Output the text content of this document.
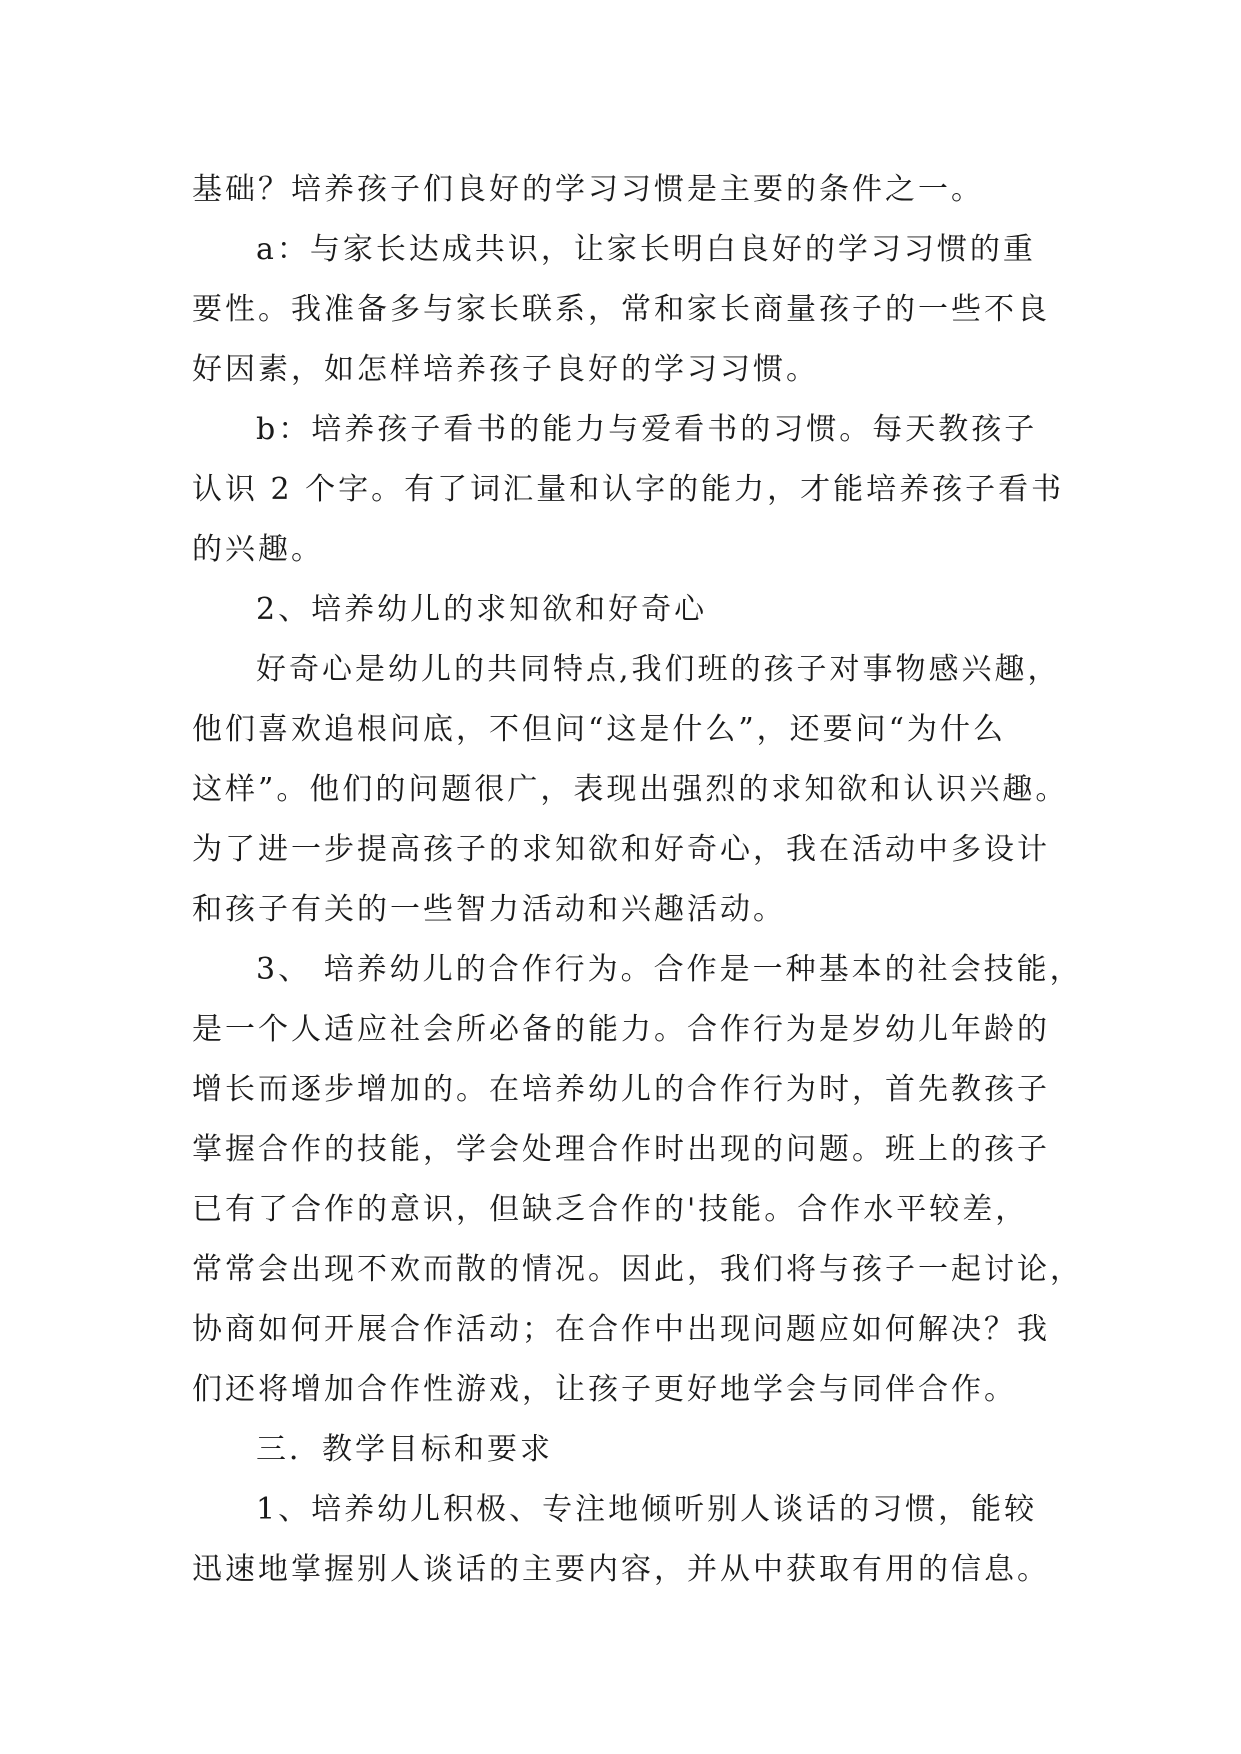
基础？培养孩子们良好的学习习惯是主要的条件之一。
a：与家长达成共识，让家长明白良好的学习习惯的重
要性。我准备多与家长联系，常和家长商量孩子的一些不良
好因素，如怎样培养孩子良好的学习习惯。
b：培养孩子看书的能力与爱看书的习惯。每天教孩子
认识 2 个字。有了词汇量和认字的能力，才能培养孩子看书
的兴趣。
2、培养幼儿的求知欲和好奇心
好奇心是幼儿的共同特点,我们班的孩子对事物感兴趣，
他们喜欢追根问底，不但问“这是什么”，还要问“为什么
这样”。他们的问题很广，表现出强烈的求知欲和认识兴趣。
为了进一步提高孩子的求知欲和好奇心，我在活动中多设计
和孩子有关的一些智力活动和兴趣活动。
3、 培养幼儿的合作行为。合作是一种基本的社会技能，
是一个人适应社会所必备的能力。合作行为是岁幼儿年龄的
增长而逐步增加的。在培养幼儿的合作行为时，首先教孩子
掌握合作的技能，学会处理合作时出现的问题。班上的孩子
已有了合作的意识，但缺乏合作的'技能。合作水平较差，
常常会出现不欢而散的情况。因此，我们将与孩子一起讨论，
协商如何开展合作活动；在合作中出现问题应如何解决？我
们还将增加合作性游戏，让孩子更好地学会与同伴合作。
三．教学目标和要求
1、培养幼儿积极、专注地倾听别人谈话的习惯，能较
迅速地掌握别人谈话的主要内容，并从中获取有用的信息。
